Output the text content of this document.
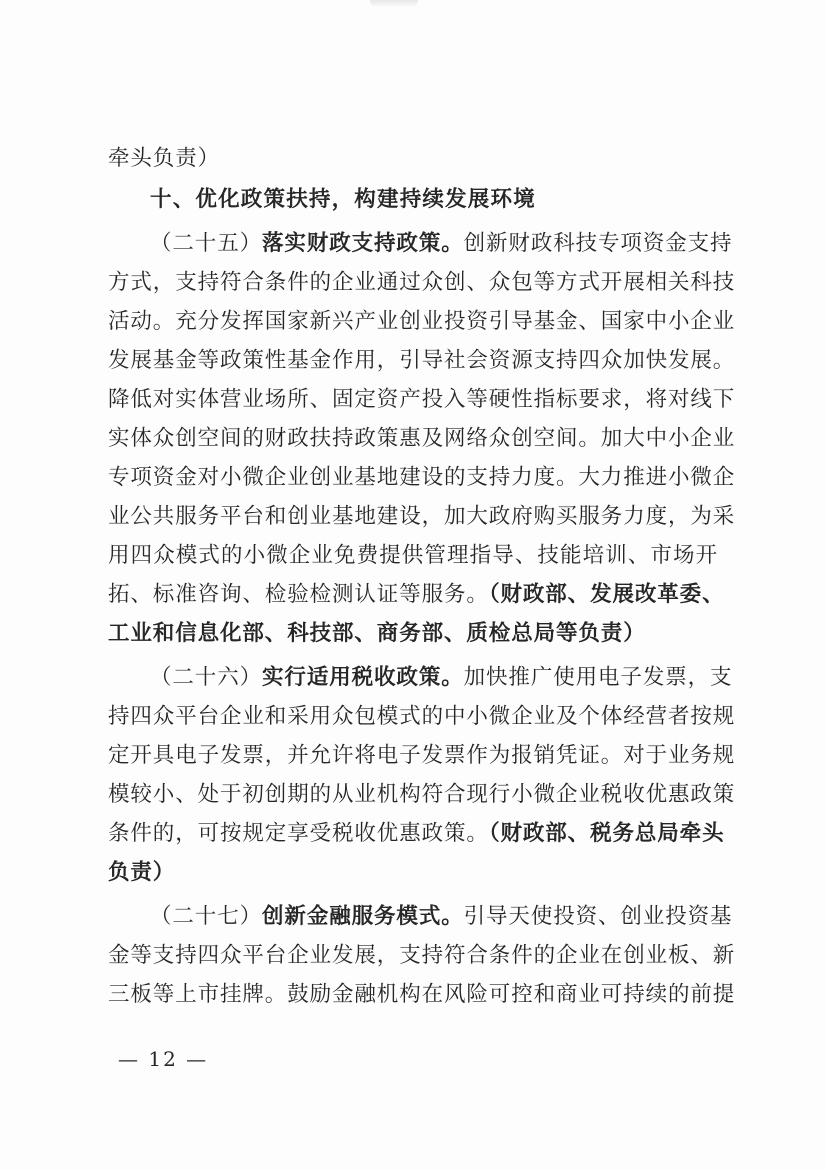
牵头负责）
十、优化政策扶持，构建持续发展环境
（二十五）落实财政支持政策。创新财政科技专项资金支持
方式，支持符合条件的企业通过众创、众包等方式开展相关科技
活动。充分发挥国家新兴产业创业投资引导基金、国家中小企业
发展基金等政策性基金作用，引导社会资源支持四众加快发展。
降低对实体营业场所、固定资产投入等硬性指标要求，将对线下
实体众创空间的财政扶持政策惠及网络众创空间。加大中小企业
专项资金对小微企业创业基地建设的支持力度。大力推进小微企
业公共服务平台和创业基地建设，加大政府购买服务力度，为采
用四众模式的小微企业免费提供管理指导、技能培训、市场开
拓、标准咨询、检验检测认证等服务。（财政部、发展改革委、
工业和信息化部、科技部、商务部、质检总局等负责）
（二十六）实行适用税收政策。加快推广使用电子发票，支
持四众平台企业和采用众包模式的中小微企业及个体经营者按规
定开具电子发票，并允许将电子发票作为报销凭证。对于业务规
模较小、处于初创期的从业机构符合现行小微企业税收优惠政策
条件的，可按规定享受税收优惠政策。（财政部、税务总局牵头
负责）
（二十七）创新金融服务模式。引导天使投资、创业投资基
金等支持四众平台企业发展，支持符合条件的企业在创业板、新
三板等上市挂牌。鼓励金融机构在风险可控和商业可持续的前提
— 12 —
